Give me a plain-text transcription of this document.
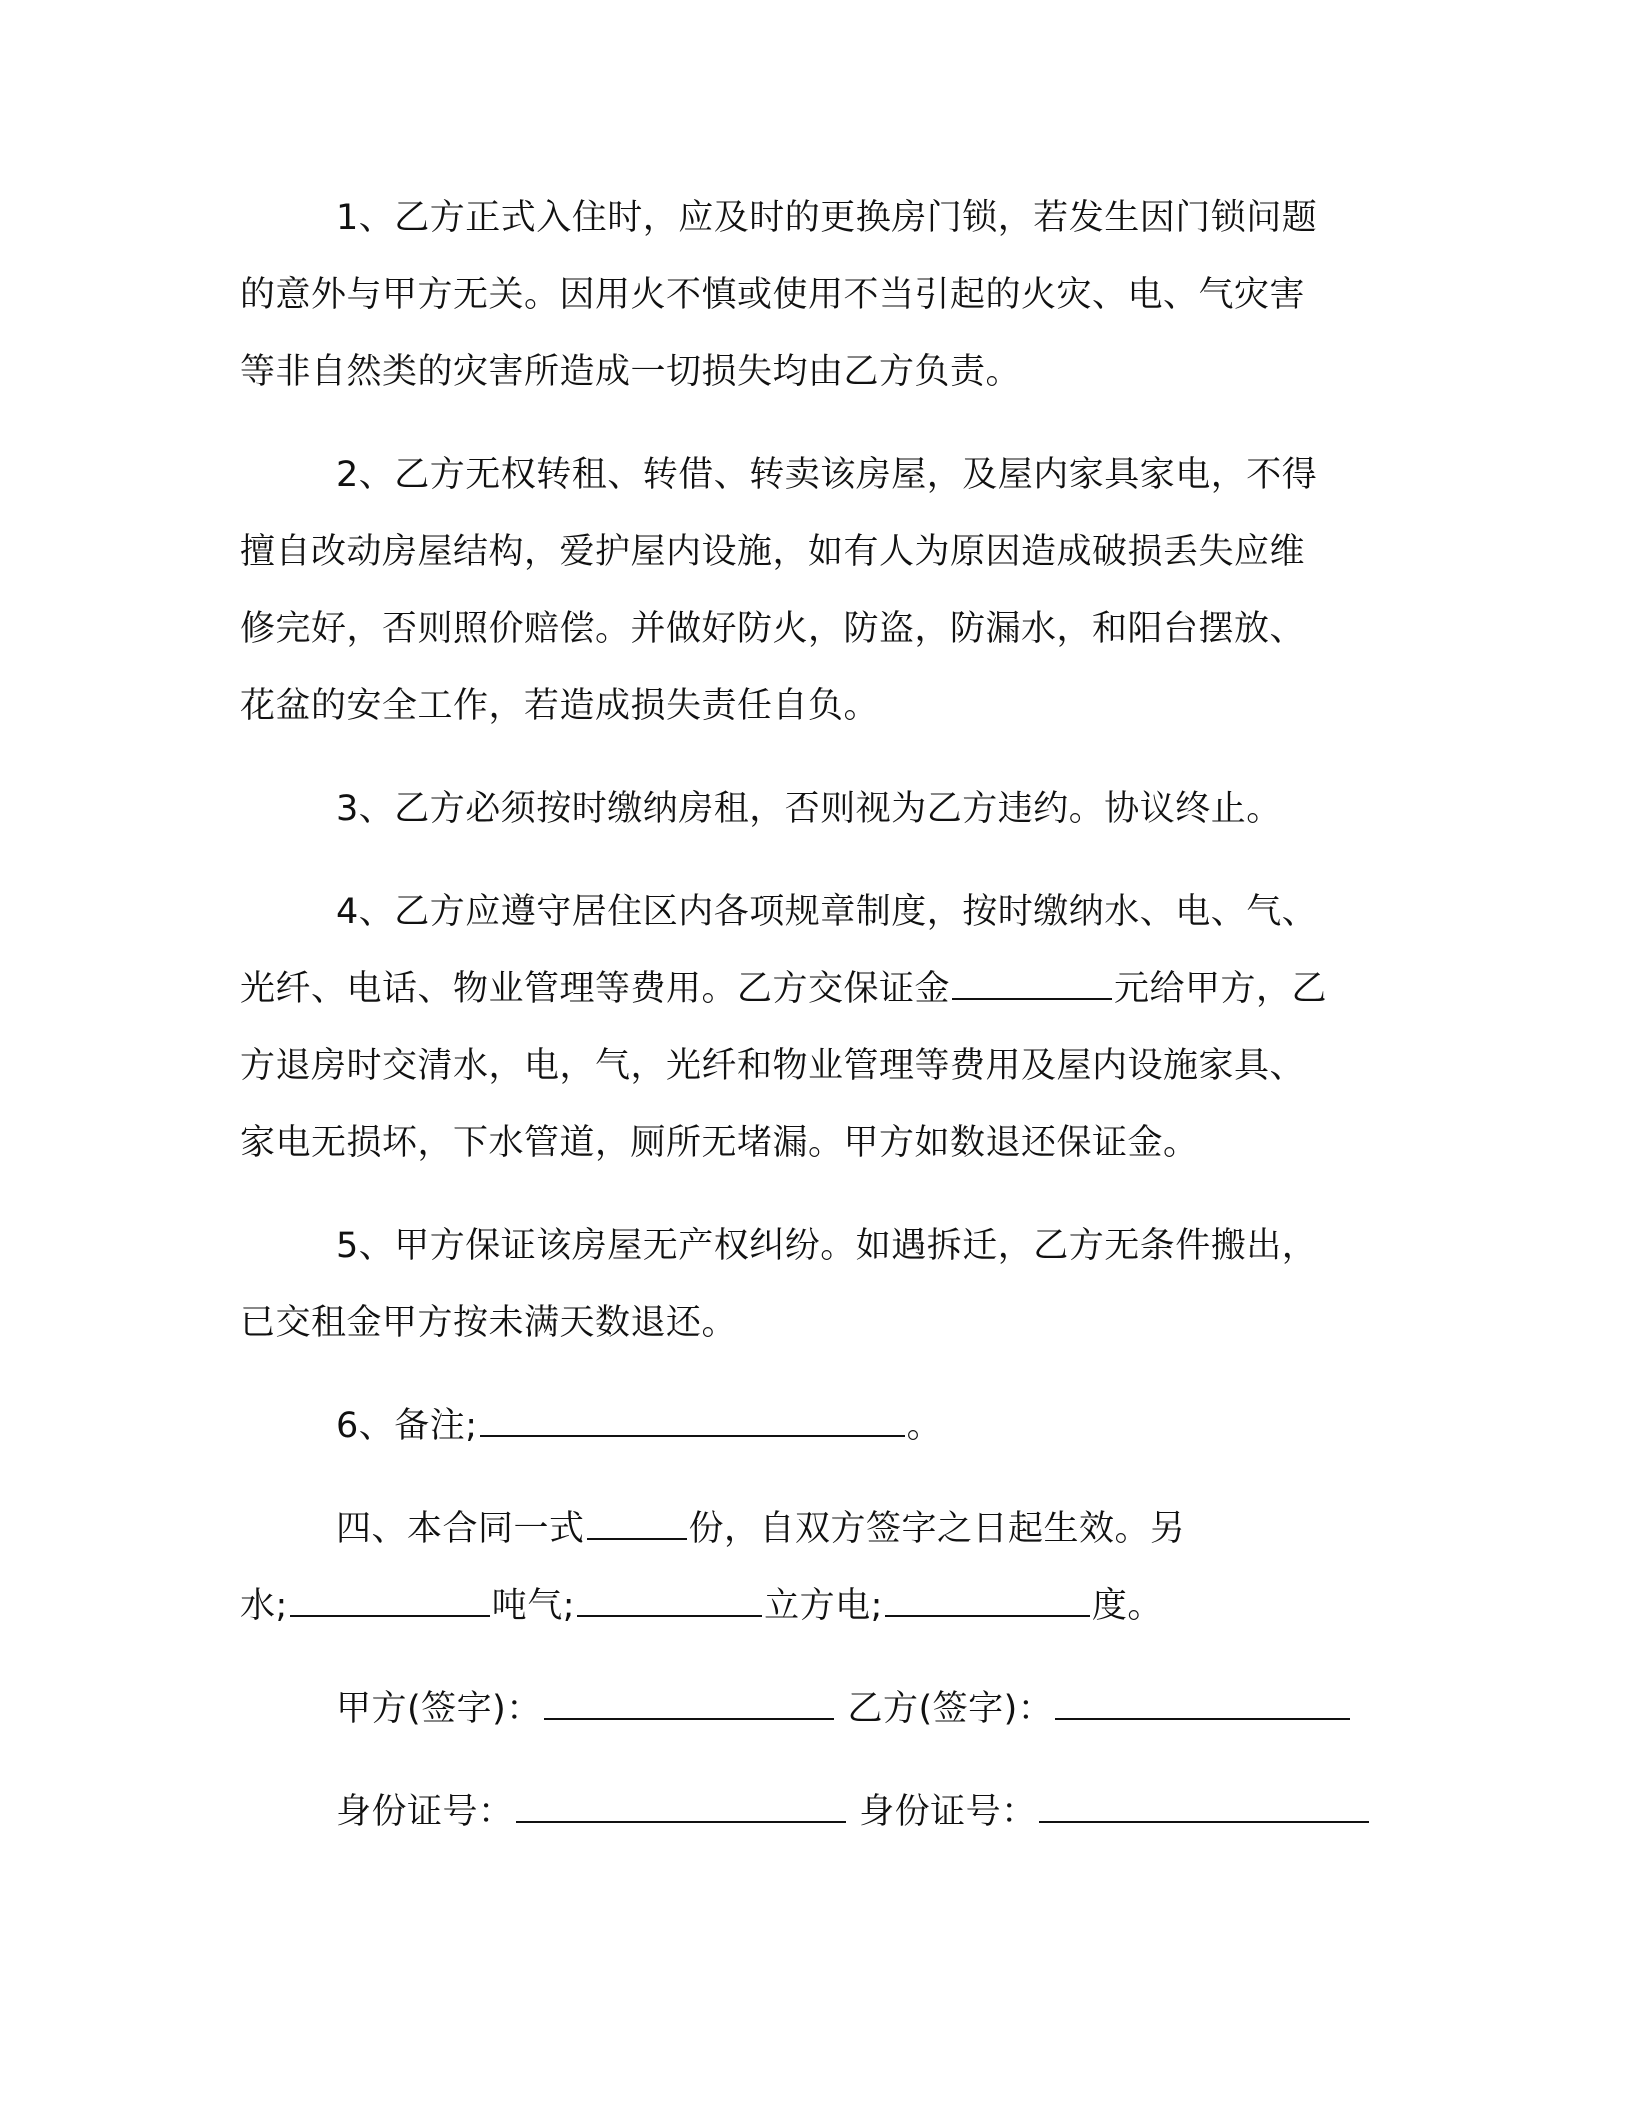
1、乙方正式入住时，应及时的更换房门锁，若发生因门锁问题
的意外与甲方无关。因用火不慎或使用不当引起的火灾、电、气灾害
等非自然类的灾害所造成一切损失均由乙方负责。
2、乙方无权转租、转借、转卖该房屋，及屋内家具家电，不得
擅自改动房屋结构，爱护屋内设施，如有人为原因造成破损丢失应维
修完好，否则照价赔偿。并做好防火，防盗，防漏水，和阳台摆放、
花盆的安全工作，若造成损失责任自负。
3、乙方必须按时缴纳房租，否则视为乙方违约。协议终止。
4、乙方应遵守居住区内各项规章制度，按时缴纳水、电、气、
光纤、电话、物业管理等费用。乙方交保证金	元给甲方，乙
方退房时交清水，电，气，光纤和物业管理等费用及屋内设施家具、
家电无损坏，下水管道，厕所无堵漏。甲方如数退还保证金。
5、甲方保证该房屋无产权纠纷。如遇拆迁，乙方无条件搬出，
已交租金甲方按未满天数退还。
6、备注;	。
四、本合同一式	份，自双方签字之日起生效。另
水;	吨气;	立方电;	度。
甲方(签字)：	乙方(签字)：
身份证号：	身份证号：
